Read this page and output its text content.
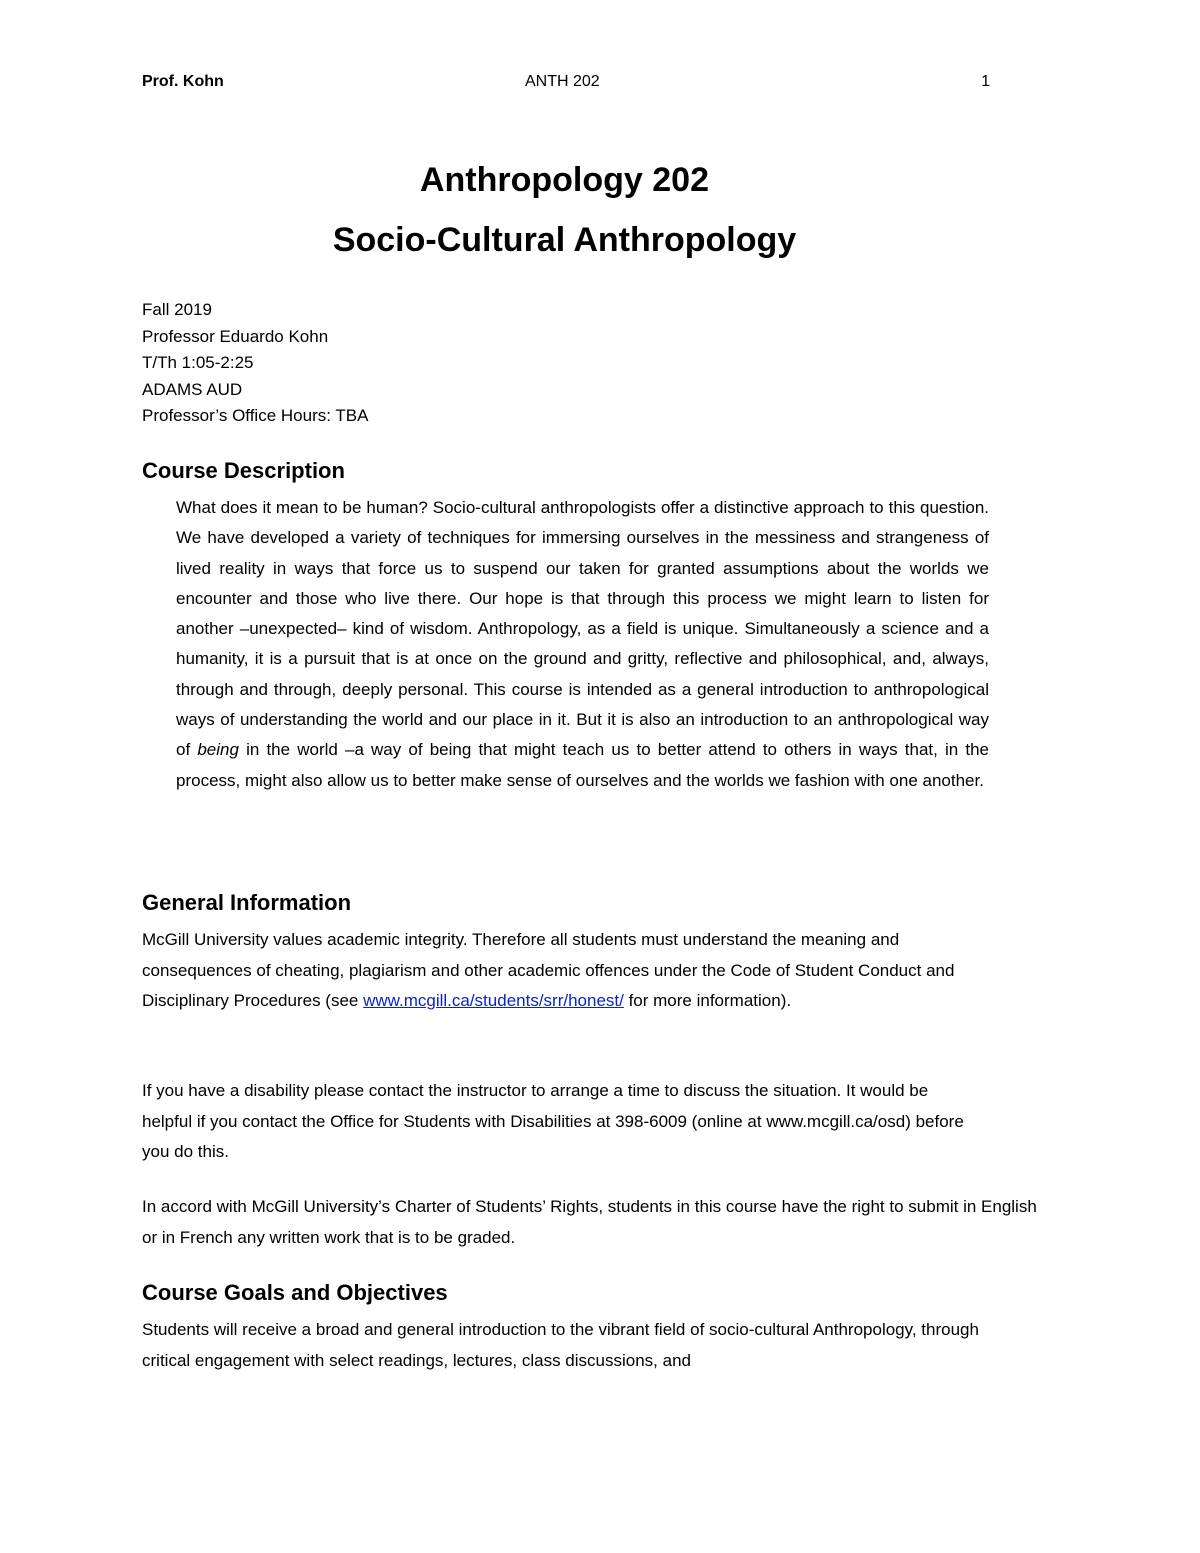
Prof. Kohn	ANTH 202	1

Anthropology 202

Socio-Cultural Anthropology

Fall 2019
Professor Eduardo Kohn
T/Th 1:05-2:25
ADAMS AUD
Professor’s Office Hours: TBA
Course Description

What does it mean to be human? Socio-cultural anthropologists offer a distinctive approach to this question. We have developed a variety of techniques for immersing ourselves in the messiness and strangeness of lived reality in ways that force us to suspend our taken for granted assumptions about the worlds we encounter and those who live there. Our hope is that through this process we might learn to listen for another –unexpected– kind of wisdom. Anthropology, as a field is unique. Simultaneously a science and a humanity, it is a pursuit that is at once on the ground and gritty, reflective and philosophical, and, always, through and through, deeply personal. This course is intended as a general introduction to anthropological ways of understanding the world and our place in it. But it is also an introduction to an anthropological way of being in the world –a way of being that might teach us to better attend to others in ways that, in the process, might also allow us to better make sense of ourselves and the worlds we fashion with one another.

General Information

McGill University values academic integrity. Therefore all students must understand the meaning and consequences of cheating, plagiarism and other academic offences under the Code of Student Conduct and Disciplinary Procedures (see www.mcgill.ca/students/srr/honest/ for more information).

If you have a disability please contact the instructor to arrange a time to discuss the situation. It would be helpful if you contact the Office for Students with Disabilities at 398-6009 (online at www.mcgill.ca/osd) before you do this.

In accord with McGill University’s Charter of Students’ Rights, students in this course have the right to submit in English or in French any written work that is to be graded.

Course Goals and Objectives

Students will receive a broad and general introduction to the vibrant field of socio-cultural Anthropology, through critical engagement with select readings, lectures, class discussions, and
